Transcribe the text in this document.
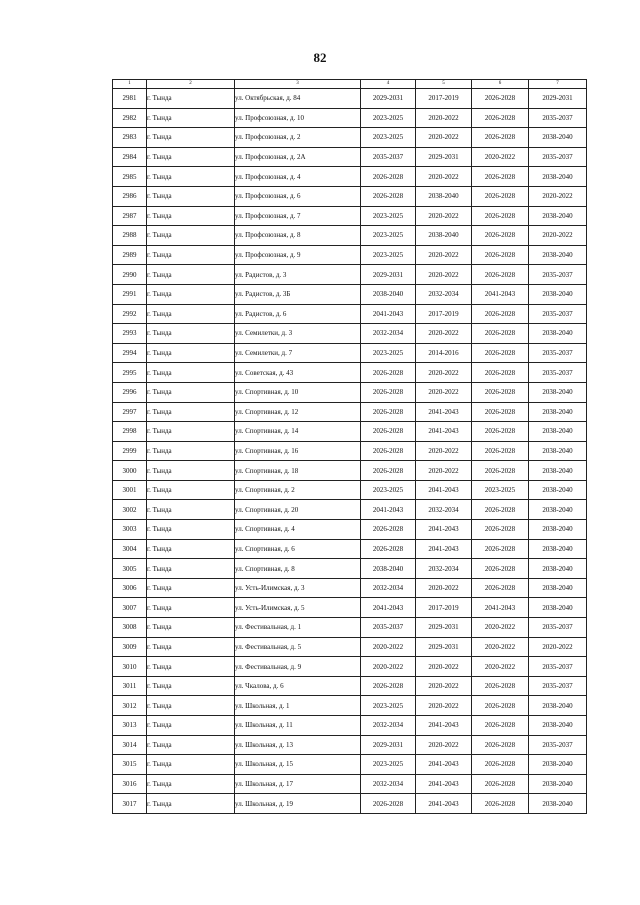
82
1	2	3	4	5	6	7
2981	г. Тында	ул. Октябрьская, д. 84	2029-2031	2017-2019	2026-2028	2029-2031
2982	г. Тында	ул. Профсоюзная, д. 10	2023-2025	2020-2022	2026-2028	2035-2037
2983	г. Тында	ул. Профсоюзная, д. 2	2023-2025	2020-2022	2026-2028	2038-2040
2984	г. Тында	ул. Профсоюзная, д. 2А	2035-2037	2029-2031	2020-2022	2035-2037
2985	г. Тында	ул. Профсоюзная, д. 4	2026-2028	2020-2022	2026-2028	2038-2040
2986	г. Тында	ул. Профсоюзная, д. 6	2026-2028	2038-2040	2026-2028	2020-2022
2987	г. Тында	ул. Профсоюзная, д. 7	2023-2025	2020-2022	2026-2028	2038-2040
2988	г. Тында	ул. Профсоюзная, д. 8	2023-2025	2038-2040	2026-2028	2020-2022
2989	г. Тында	ул. Профсоюзная, д. 9	2023-2025	2020-2022	2026-2028	2038-2040
2990	г. Тында	ул. Радистов, д. 3	2029-2031	2020-2022	2026-2028	2035-2037
2991	г. Тында	ул. Радистов, д. 3Б	2038-2040	2032-2034	2041-2043	2038-2040
2992	г. Тында	ул. Радистов, д. 6	2041-2043	2017-2019	2026-2028	2035-2037
2993	г. Тында	ул. Семилетки, д. 3	2032-2034	2020-2022	2026-2028	2038-2040
2994	г. Тында	ул. Семилетки, д. 7	2023-2025	2014-2016	2026-2028	2035-2037
2995	г. Тында	ул. Советская, д. 43	2026-2028	2020-2022	2026-2028	2035-2037
2996	г. Тында	ул. Спортивная, д. 10	2026-2028	2020-2022	2026-2028	2038-2040
2997	г. Тында	ул. Спортивная, д. 12	2026-2028	2041-2043	2026-2028	2038-2040
2998	г. Тында	ул. Спортивная, д. 14	2026-2028	2041-2043	2026-2028	2038-2040
2999	г. Тында	ул. Спортивная, д. 16	2026-2028	2020-2022	2026-2028	2038-2040
3000	г. Тында	ул. Спортивная, д. 18	2026-2028	2020-2022	2026-2028	2038-2040
3001	г. Тында	ул. Спортивная, д. 2	2023-2025	2041-2043	2023-2025	2038-2040
3002	г. Тында	ул. Спортивная, д. 20	2041-2043	2032-2034	2026-2028	2038-2040
3003	г. Тында	ул. Спортивная, д. 4	2026-2028	2041-2043	2026-2028	2038-2040
3004	г. Тында	ул. Спортивная, д. 6	2026-2028	2041-2043	2026-2028	2038-2040
3005	г. Тында	ул. Спортивная, д. 8	2038-2040	2032-2034	2026-2028	2038-2040
3006	г. Тында	ул. Усть-Илимская, д. 3	2032-2034	2020-2022	2026-2028	2038-2040
3007	г. Тында	ул. Усть-Илимская, д. 5	2041-2043	2017-2019	2041-2043	2038-2040
3008	г. Тында	ул. Фестивальная, д. 1	2035-2037	2029-2031	2020-2022	2035-2037
3009	г. Тында	ул. Фестивальная, д. 5	2020-2022	2029-2031	2020-2022	2020-2022
3010	г. Тында	ул. Фестивальная, д. 9	2020-2022	2020-2022	2020-2022	2035-2037
3011	г. Тында	ул. Чкалова, д. 6	2026-2028	2020-2022	2026-2028	2035-2037
3012	г. Тында	ул. Школьная, д. 1	2023-2025	2020-2022	2026-2028	2038-2040
3013	г. Тында	ул. Школьная, д. 11	2032-2034	2041-2043	2026-2028	2038-2040
3014	г. Тында	ул. Школьная, д. 13	2029-2031	2020-2022	2026-2028	2035-2037
3015	г. Тында	ул. Школьная, д. 15	2023-2025	2041-2043	2026-2028	2038-2040
3016	г. Тында	ул. Школьная, д. 17	2032-2034	2041-2043	2026-2028	2038-2040
3017	г. Тында	ул. Школьная, д. 19	2026-2028	2041-2043	2026-2028	2038-2040
